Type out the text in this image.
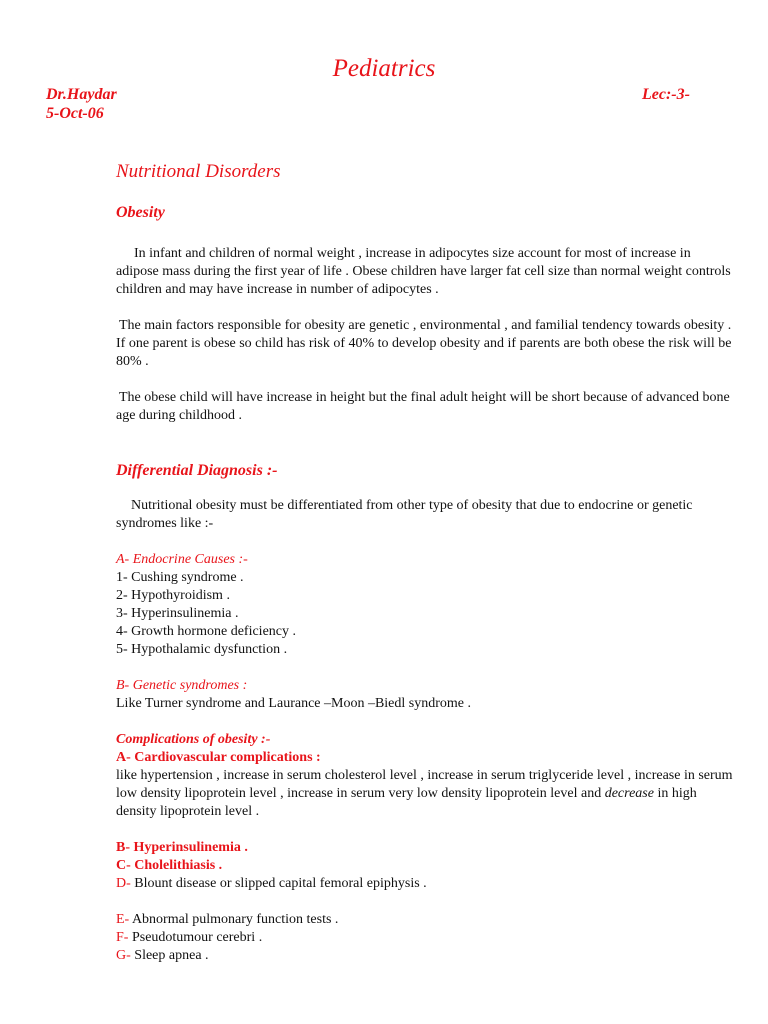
Pediatrics
Dr.Haydar	Lec:-3-
5-Oct-06

Nutritional Disorders

Obesity

In infant and children of normal weight , increase in adipocytes size account for most of increase in adipose mass during the first year of life . Obese children have larger fat cell size than normal weight controls children and may have increase in number of adipocytes .

The main factors responsible for obesity are genetic , environmental , and familial tendency towards obesity . If one parent is obese so child has risk of 40% to develop obesity and if parents are both obese the risk will be 80% .

The obese child will have increase in height but the final adult height will be short because of advanced bone age during childhood .

Differential Diagnosis :-

Nutritional obesity must be differentiated from other type of obesity that due to endocrine or genetic syndromes like :-

A- Endocrine Causes :-

1- Cushing syndrome .
2- Hypothyroidism .
3- Hyperinsulinemia .
4- Growth hormone deficiency .
5- Hypothalamic dysfunction .

B- Genetic syndromes :

Like Turner syndrome and Laurance –Moon –Biedl syndrome .

Complications of obesity :-

A- Cardiovascular complications :

like hypertension , increase in serum cholesterol level , increase in serum triglyceride level , increase in serum low density lipoprotein level , increase in serum very low density lipoprotein level and decrease in high density lipoprotein level .

B- Hyperinsulinemia .

C- Cholelithiasis .

D- Blount disease or slipped capital femoral epiphysis .

E- Abnormal pulmonary function tests .

F- Pseudotumour cerebri .

G- Sleep apnea .
